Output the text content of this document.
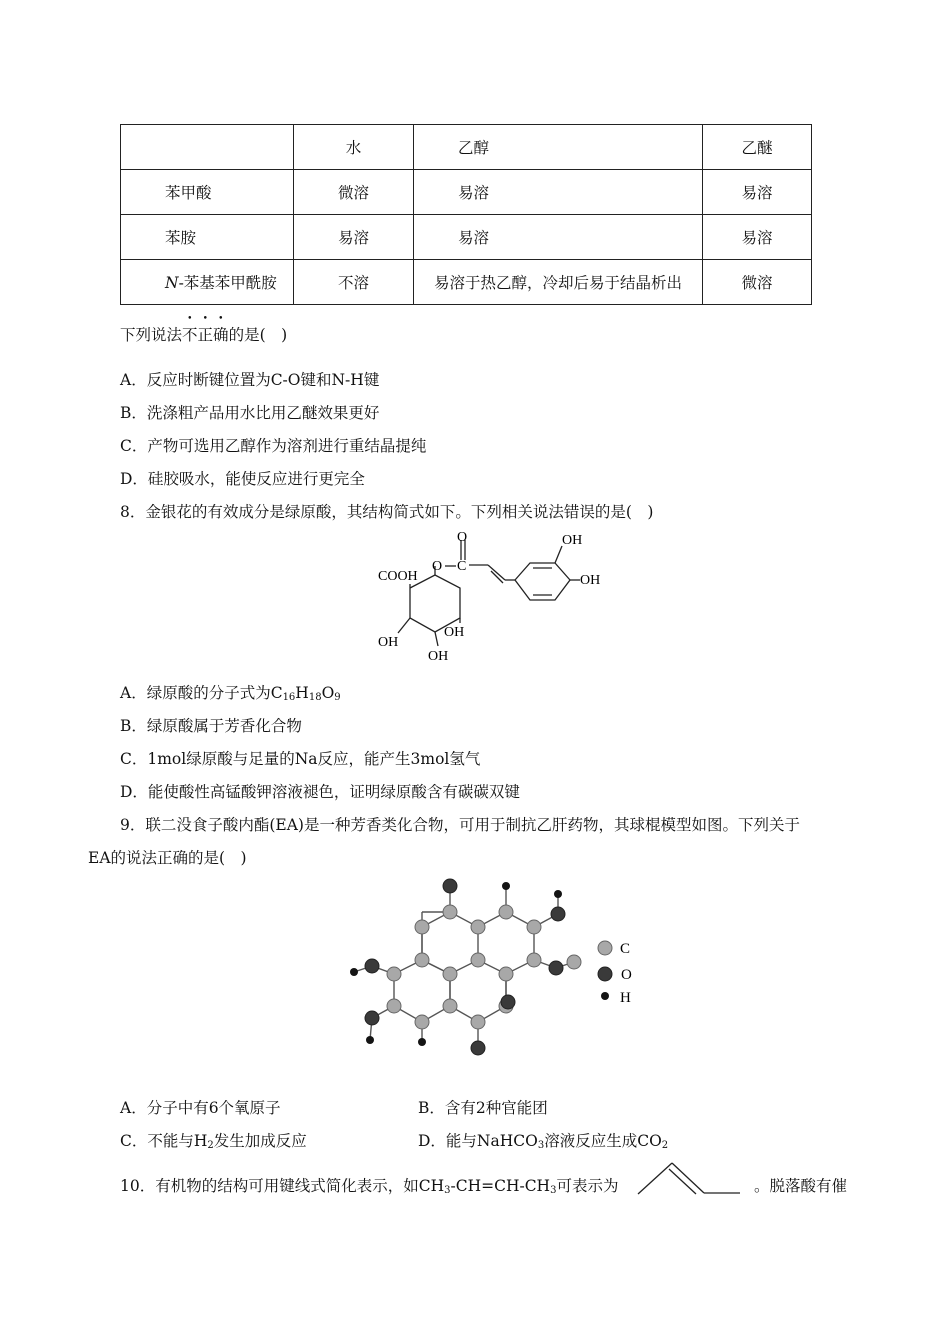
	水	乙醇	乙醚
苯甲酸	微溶	易溶	易溶
苯胺	易溶	易溶	易溶
N-苯基苯甲酰胺	不溶	易溶于热乙醇，冷却后易于结晶析出	微溶
下列说法不正确的是(　)
A．反应时断键位置为C-O键和N-H键
B．洗涤粗产品用水比用乙醚效果更好
C．产物可选用乙醇作为溶剂进行重结晶提纯
D．硅胶吸水，能使反应进行更完全
8．金银花的有效成分是绿原酸，其结构简式如下。下列相关说法错误的是(　)
COOH
O C
O	OH
OH
OH
OH
OH
A．绿原酸的分子式为$C_{16}H_{18}O_9$
B．绿原酸属于芳香化合物
C．1mol绿原酸与足量的Na反应，能产生3mol氢气
D．能使酸性高锰酸钾溶液褪色，证明绿原酸含有碳碳双键
9．联二没食子酸内酯(EA)是一种芳香类化合物，可用于制抗乙肝药物，其球棍模型如图。下列关于
EA的说法正确的是(　)
C
O
H
A．分子中有6个氧原子	B．含有2种官能团
C．不能与$H_2$发生加成反应	D．能与NaHCO$_3$溶液反应生成$CO_2$
10．有机物的结构可用键线式简化表示，如$CH_3-CH=CH-CH_3$可表示为	。脱落酸有催
